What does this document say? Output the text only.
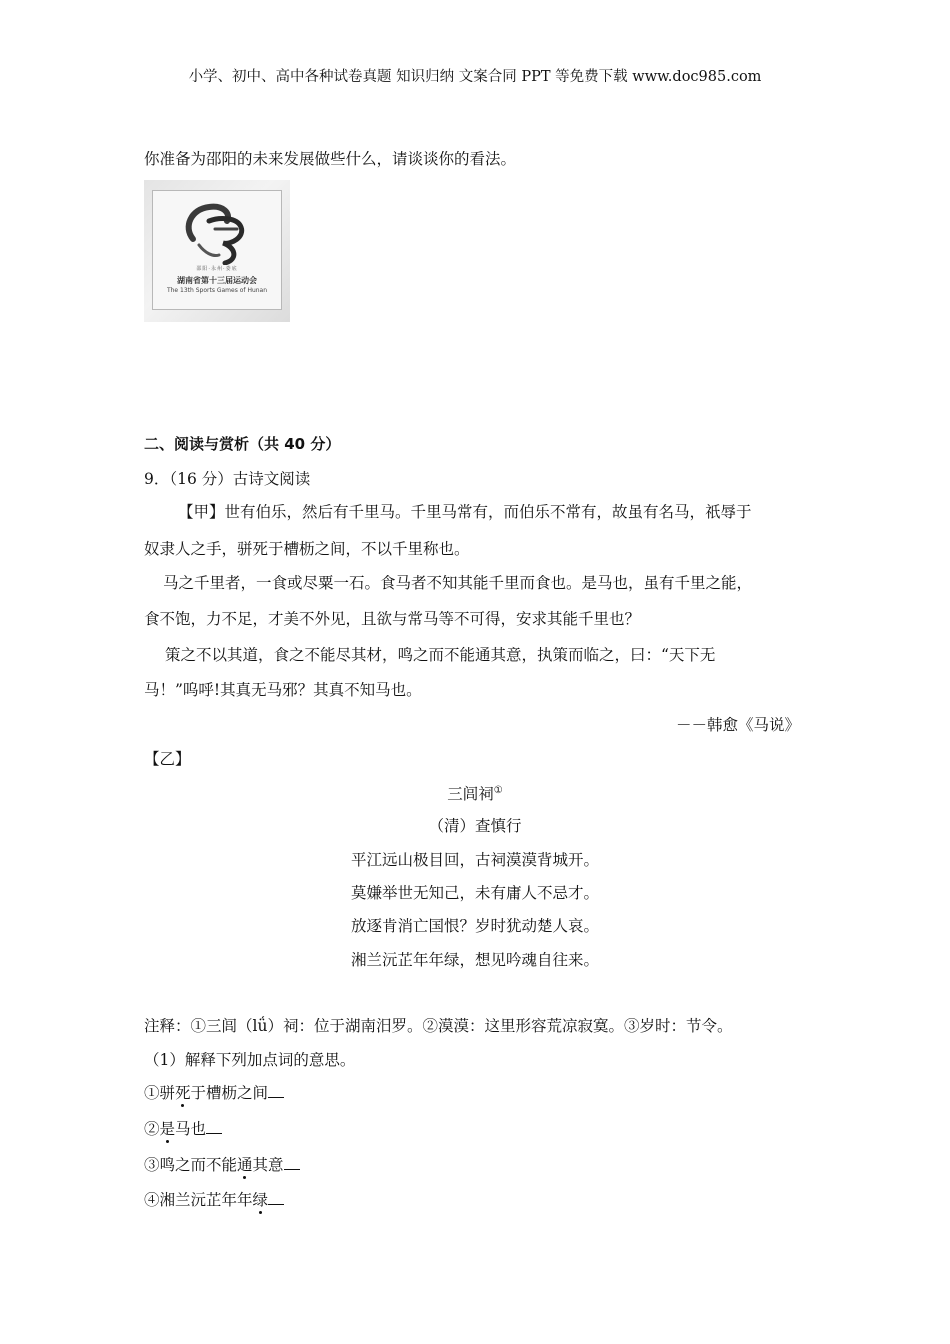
小学、初中、高中各种试卷真题 知识归纳 文案合同 PPT 等免费下载 www.doc985.com
你准备为邵阳的未来发展做些什么，请谈谈你的看法。
邵阳·永州·娄底
湖南省第十三届运动会
The 13th Sports Games of Hunan
二、阅读与赏析（共 40 分）
9．（16 分）古诗文阅读
【甲】世有伯乐，然后有千里马。千里马常有，而伯乐不常有，故虽有名马，祇辱于
奴隶人之手，骈死于槽枥之间，不以千里称也。
马之千里者，一食或尽粟一石。食马者不知其能千里而食也。是马也，虽有千里之能，
食不饱，力不足，才美不外见，且欲与常马等不可得，安求其能千里也？
策之不以其道，食之不能尽其材，鸣之而不能通其意，执策而临之，曰：“天下无
马！”呜呼!其真无马邪？其真不知马也。
－－韩愈《马说》
【乙】
三闾祠①
（清）查慎行
平江远山极目回，古祠漠漠背城开。
莫嫌举世无知己，未有庸人不忌才。
放逐肯消亡国恨？岁时犹动楚人哀。
湘兰沅芷年年绿，想见吟魂自往来。
注释：①三闾（lǘ）祠：位于湖南汨罗。②漠漠：这里形容荒凉寂寞。③岁时：节令。
（1）解释下列加点词的意思。
①骈死于槽枥之间
②是马也
③鸣之而不能通其意
④湘兰沅芷年年绿
